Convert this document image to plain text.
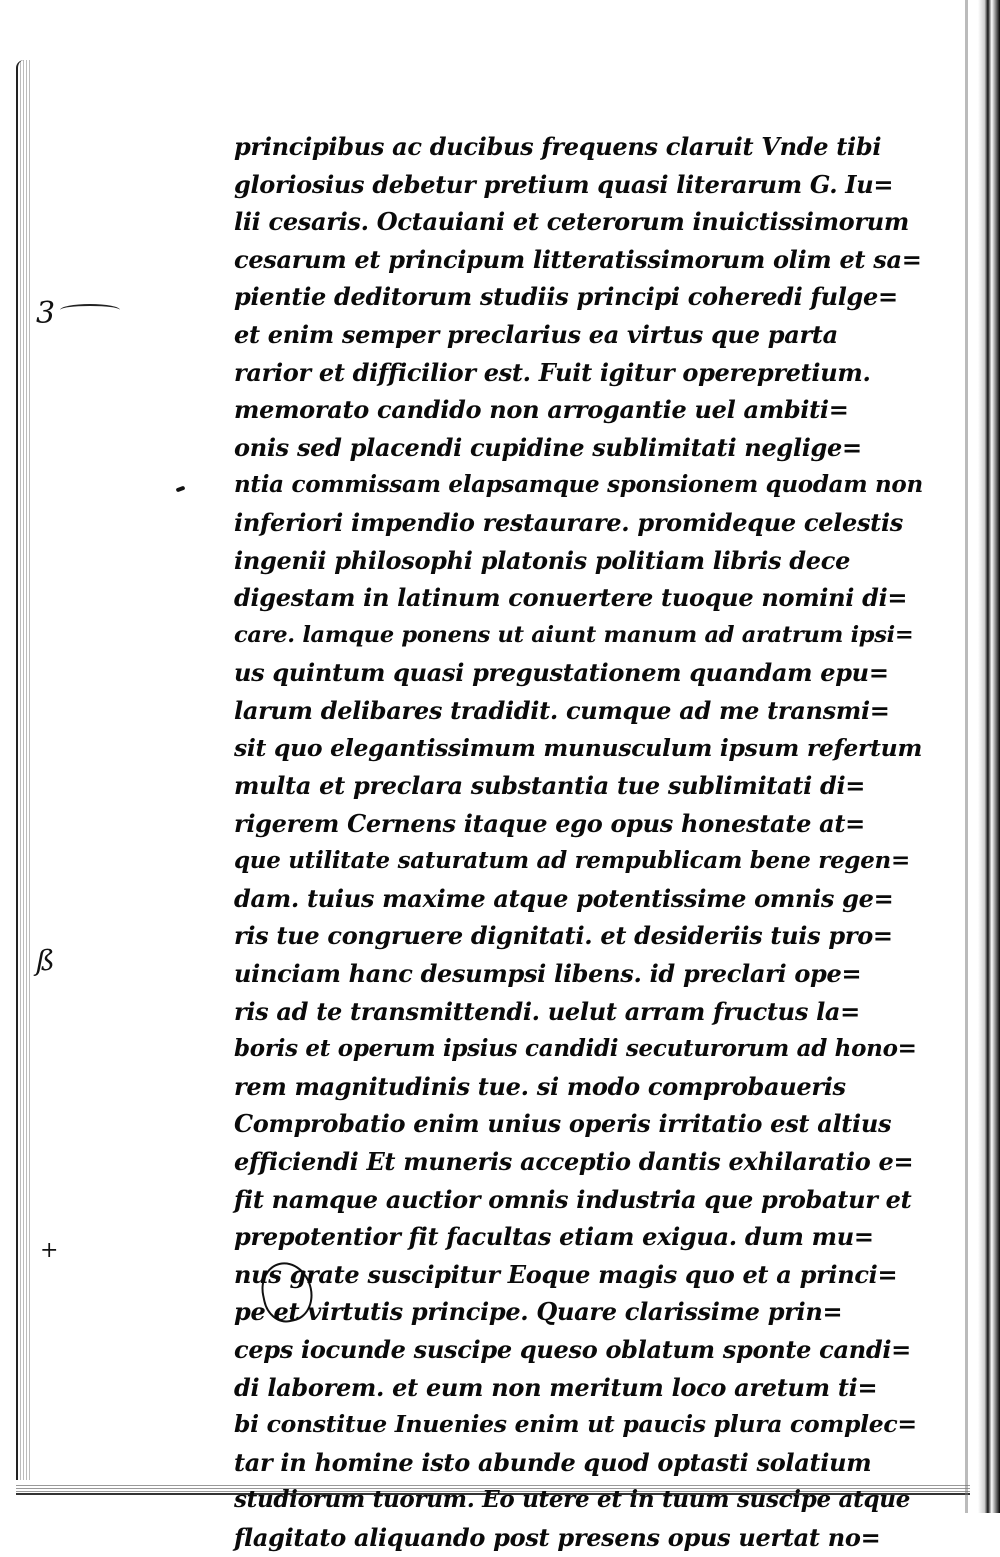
3
ß
+
principibus ac ducibus frequens claruit Vnde tibi
gloriosius debetur pretium quasi literarum G. Iu=
lii cesaris. Octauiani et ceterorum inuictissimorum
cesarum et principum litteratissimorum olim et sa=
pientie deditorum studiis principi coheredi fulge=
et enim semper preclarius ea virtus que parta
rarior et difficilior est. Fuit igitur operepretium.
memorato candido non arrogantie uel ambiti=
onis sed placendi cupidine sublimitati neglige=
ntia commissam elapsamque sponsionem quodam non
inferiori impendio restaurare. promideque celestis
ingenii philosophi platonis politiam libris dece
digestam in latinum conuertere tuoque nomini di=
care. lamque ponens ut aiunt manum ad aratrum ipsi=
us quintum quasi pregustationem quandam epu=
larum delibares tradidit. cumque ad me transmi=
sit quo elegantissimum munusculum ipsum refertum
multa et preclara substantia tue sublimitati di=
rigerem Cernens itaque ego opus honestate at=
que utilitate saturatum ad rempublicam bene regen=
dam. tuius maxime atque potentissime omnis ge=
ris tue congruere dignitati. et desideriis tuis pro=
uinciam hanc desumpsi libens. id preclari ope=
ris ad te transmittendi. uelut arram fructus la=
boris et operum ipsius candidi secuturorum ad hono=
rem magnitudinis tue. si modo comprobaueris
Comprobatio enim unius operis irritatio est altius
efficiendi Et muneris acceptio dantis exhilaratio e=
fit namque auctior omnis industria que probatur et
prepotentior fit facultas etiam exigua. dum mu=
nus grate suscipitur Eoque magis quo et a princi=
pe et virtutis principe. Quare clarissime prin=
ceps iocunde suscipe queso oblatum sponte candi=
di laborem. et eum non meritum loco aretum ti=
bi constitue Inuenies enim ut paucis plura complec=
tar in homine isto abunde quod optasti solatium
studiorum tuorum. Eo utere et in tuum suscipe atque
flagitato aliquando post presens opus uertat no=
